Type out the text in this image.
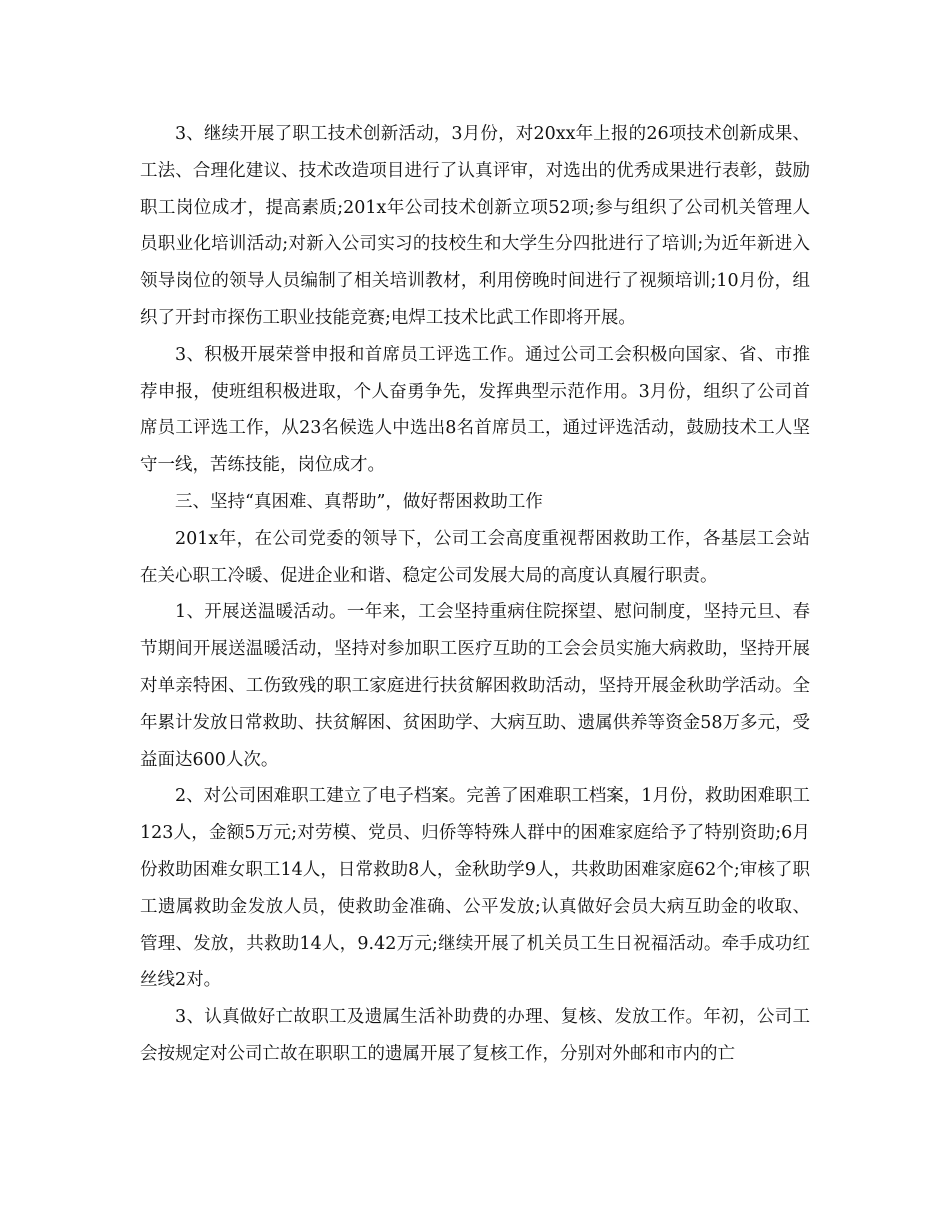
3、继续开展了职工技术创新活动，3月份，对20xx年上报的26项技术创新成果、工法、合理化建议、技术改造项目进行了认真评审，对选出的优秀成果进行表彰，鼓励职工岗位成才，提高素质;201x年公司技术创新立项52项;参与组织了公司机关管理人员职业化培训活动;对新入公司实习的技校生和大学生分四批进行了培训;为近年新进入领导岗位的领导人员编制了相关培训教材，利用傍晚时间进行了视频培训;10月份，组织了开封市探伤工职业技能竞赛;电焊工技术比武工作即将开展。

3、积极开展荣誉申报和首席员工评选工作。通过公司工会积极向国家、省、市推荐申报，使班组积极进取，个人奋勇争先，发挥典型示范作用。3月份，组织了公司首席员工评选工作，从23名候选人中选出8名首席员工，通过评选活动，鼓励技术工人坚守一线，苦练技能，岗位成才。

三、坚持“真困难、真帮助”，做好帮困救助工作

201x年，在公司党委的领导下，公司工会高度重视帮困救助工作，各基层工会站在关心职工冷暖、促进企业和谐、稳定公司发展大局的高度认真履行职责。

1、开展送温暖活动。一年来，工会坚持重病住院探望、慰问制度，坚持元旦、春节期间开展送温暖活动，坚持对参加职工医疗互助的工会会员实施大病救助，坚持开展对单亲特困、工伤致残的职工家庭进行扶贫解困救助活动，坚持开展金秋助学活动。全年累计发放日常救助、扶贫解困、贫困助学、大病互助、遗属供养等资金58万多元，受益面达600人次。

2、对公司困难职工建立了电子档案。完善了困难职工档案，1月份，救助困难职工123人，金额5万元;对劳模、党员、归侨等特殊人群中的困难家庭给予了特别资助;6月份救助困难女职工14人，日常救助8人，金秋助学9人，共救助困难家庭62个;审核了职工遗属救助金发放人员，使救助金准确、公平发放;认真做好会员大病互助金的收取、管理、发放，共救助14人，9.42万元;继续开展了机关员工生日祝福活动。牵手成功红丝线2对。

3、认真做好亡故职工及遗属生活补助费的办理、复核、发放工作。年初，公司工会按规定对公司亡故在职职工的遗属开展了复核工作，分别对外邮和市内的亡
